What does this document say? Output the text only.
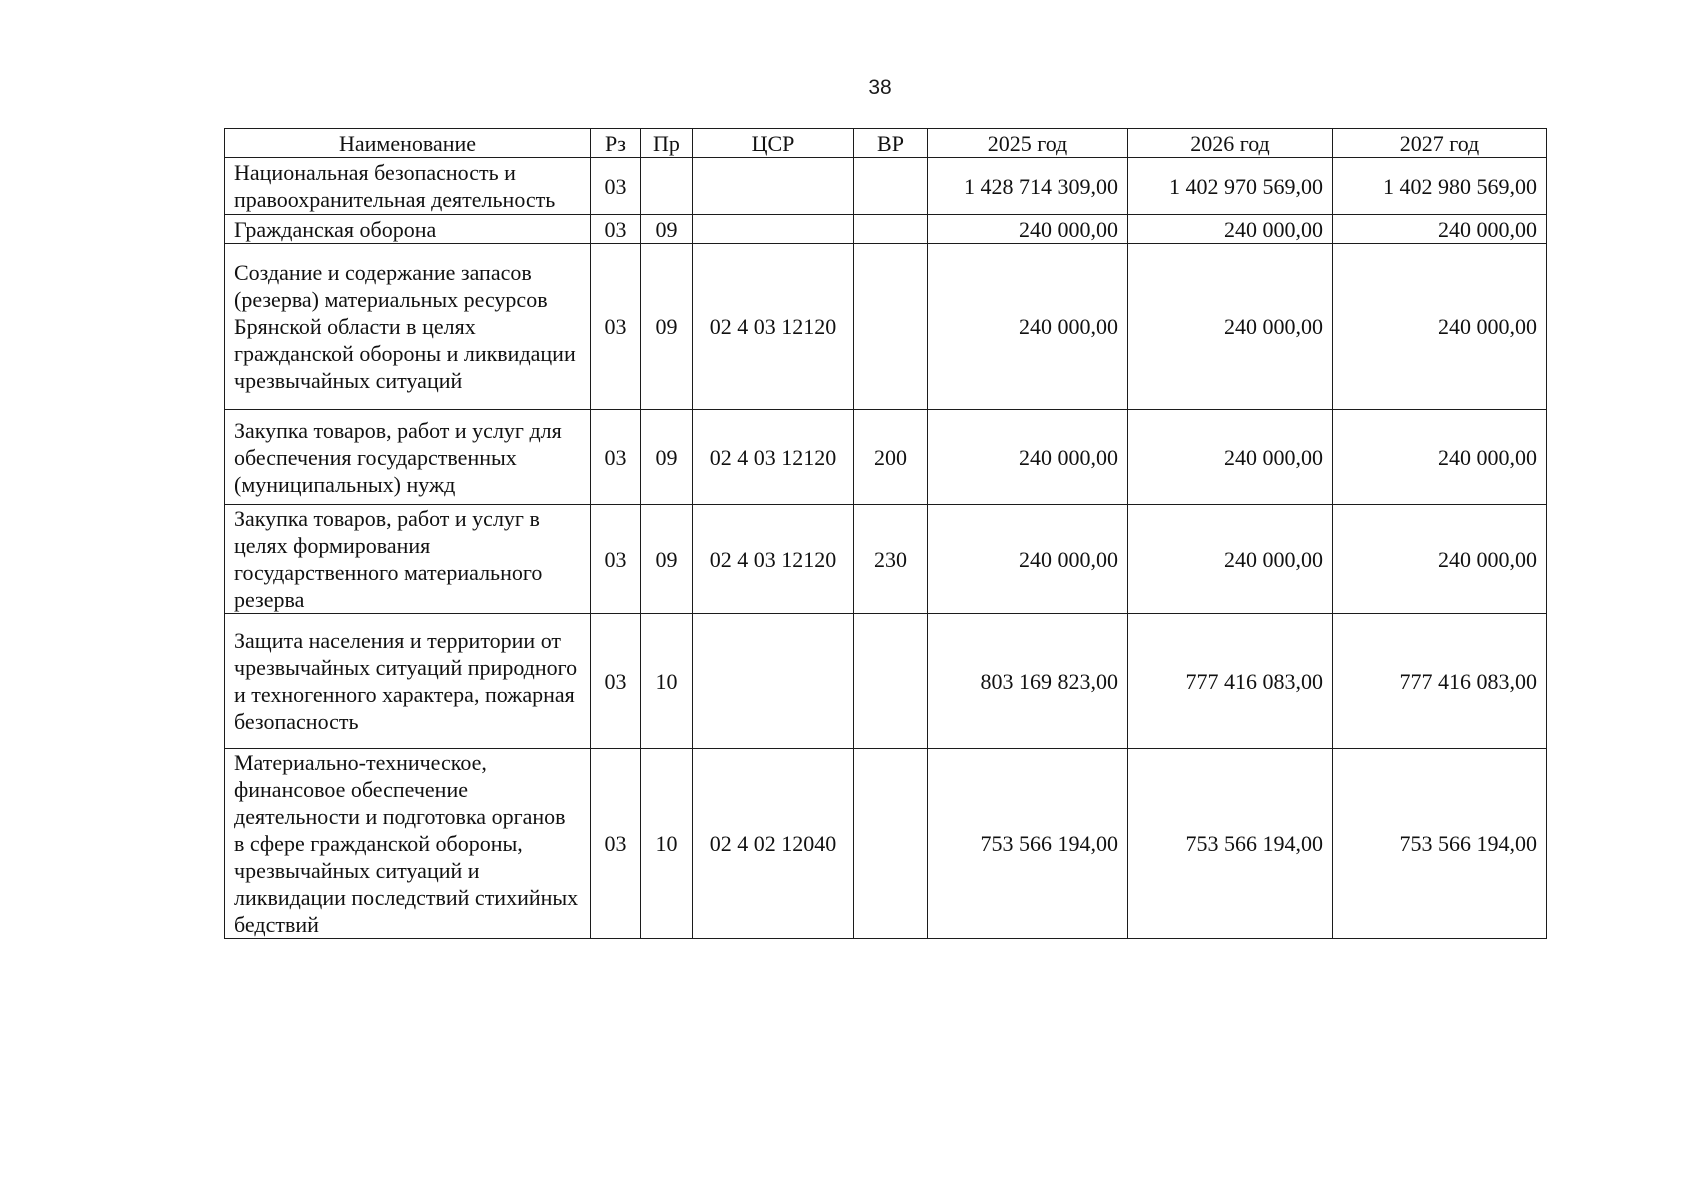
38
Наименование	Рз	Пр	ЦСР	ВР	2025 год	2026 год	2027 год
Национальная безопасность и правоохранительная деятельность	03				1 428 714 309,00	1 402 970 569,00	1 402 980 569,00
Гражданская оборона	03	09			240 000,00	240 000,00	240 000,00
Создание и содержание запасов (резерва) материальных ресурсов Брянской области в целях гражданской обороны и ликвидации чрезвычайных ситуаций	03	09	02 4 03 12120		240 000,00	240 000,00	240 000,00
Закупка товаров, работ и услуг для обеспечения государственных (муниципальных) нужд	03	09	02 4 03 12120	200	240 000,00	240 000,00	240 000,00
Закупка товаров, работ и услуг в целях формирования государственного материального резерва	03	09	02 4 03 12120	230	240 000,00	240 000,00	240 000,00
Защита населения и территории от чрезвычайных ситуаций природного и техногенного характера, пожарная безопасность	03	10			803 169 823,00	777 416 083,00	777 416 083,00
Материально-техническое, финансовое обеспечение деятельности и подготовка органов в сфере гражданской обороны, чрезвычайных ситуаций и ликвидации последствий стихийных бедствий	03	10	02 4 02 12040		753 566 194,00	753 566 194,00	753 566 194,00
